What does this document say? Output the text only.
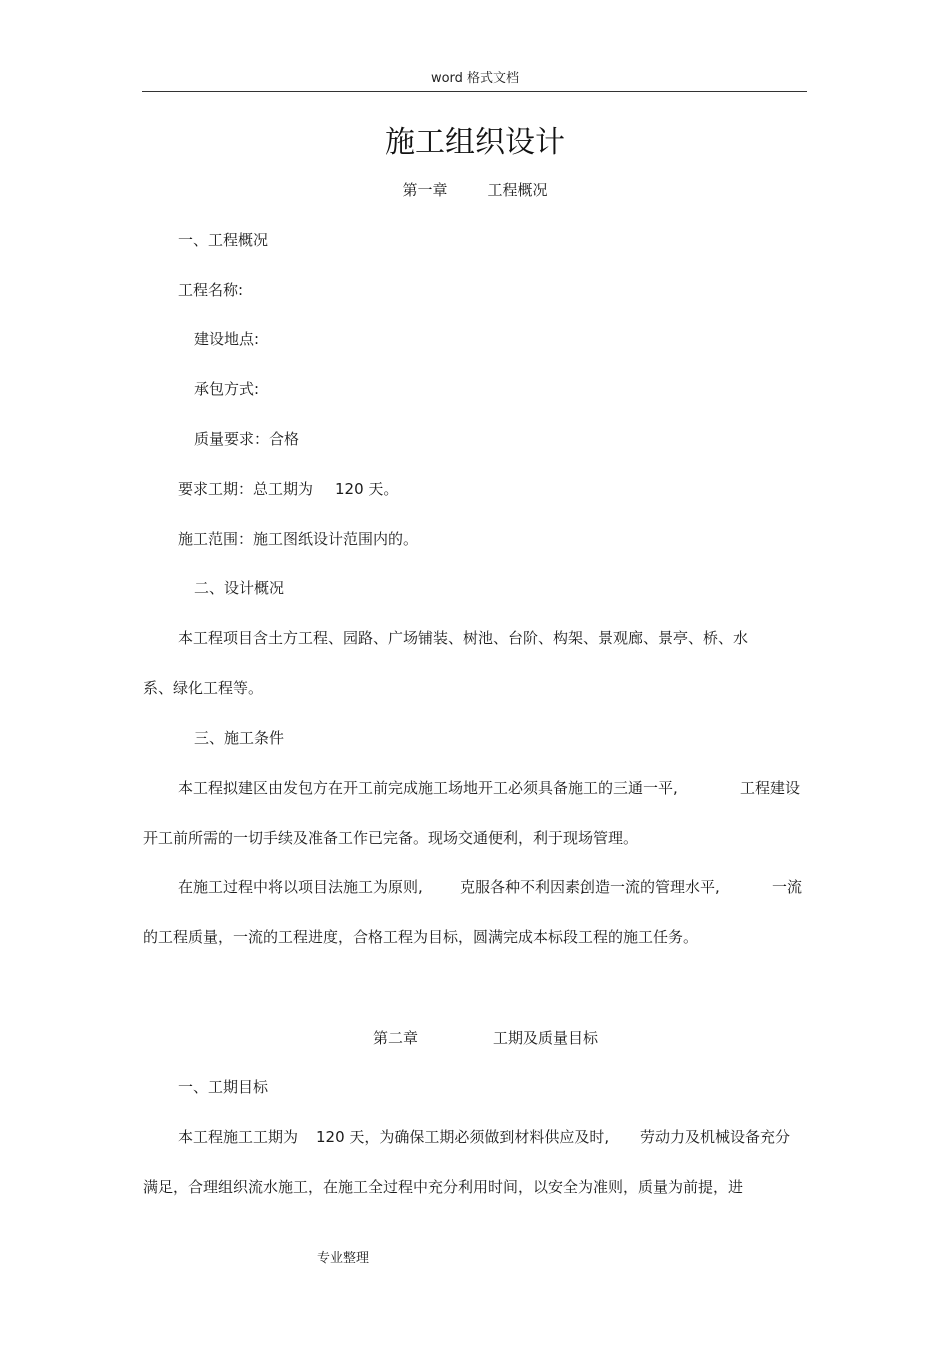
word 格式文档
施工组织设计
第一章	工程概况
一、工程概况
工程名称:
建设地点:
承包方式:
质量要求：合格
要求工期：总工期为 120 天。
施工范围：施工图纸设计范围内的。
二、设计概况
本工程项目含土方工程、园路、广场铺装、树池、台阶、构架、景观廊、景亭、桥、水
系、绿化工程等。
三、施工条件
本工程拟建区由发包方在开工前完成施工场地开工必须具备施工的三通一平,	工程建设
开工前所需的一切手续及准备工作已完备。现场交通便利，利于现场管理。
在施工过程中将以项目法施工为原则, 克服各种不利因素,
创造一流的管理水平,	一流
的工程质量，一流的工程进度，合格工程为目标，圆满完成本标段工程的施工任务。
第二章	工期及质量目标
一、工期目标
本工程施工工期为 120 天，为确保工期必须做到材料供应及时, 劳动力及机械设备充分
满足，合理组织流水施工，在施工全过程中充分利用时间，以安全为准则，质量为前提，进
专业整理
